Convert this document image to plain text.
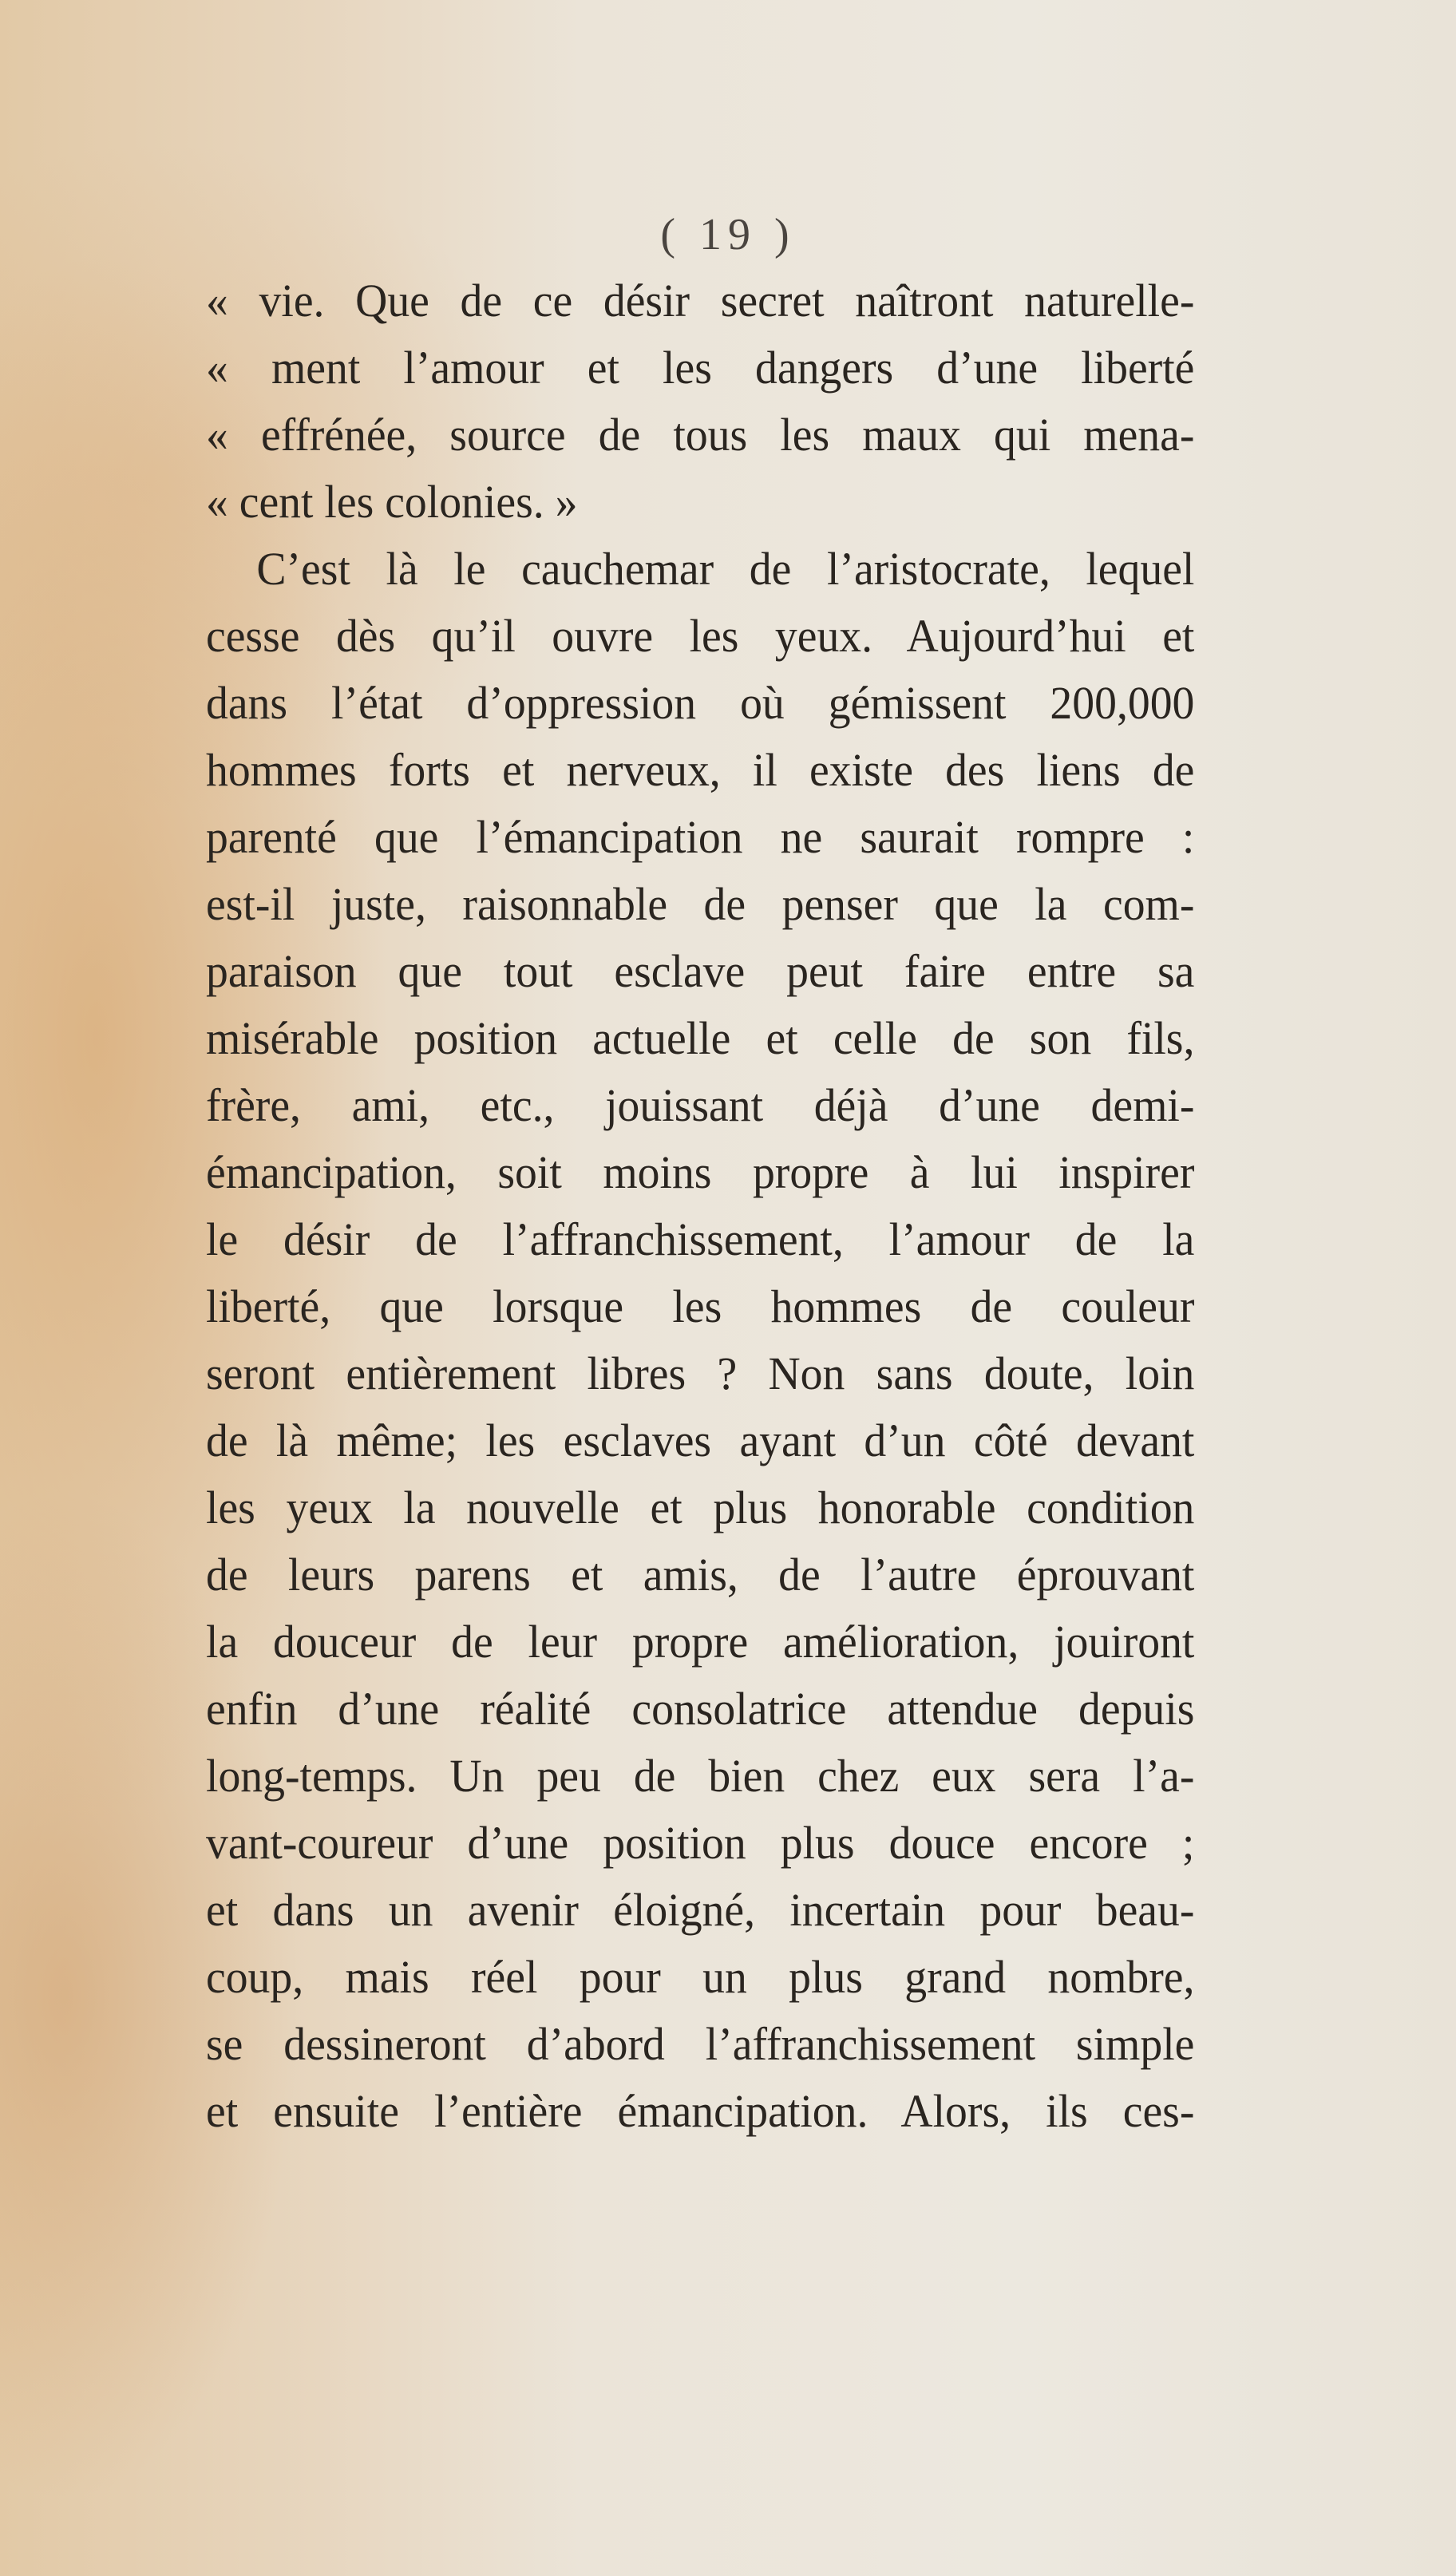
( 19 )
« vie. Que de ce désir secret naîtront naturelle-
« ment l’amour et les dangers d’une liberté
« effrénée, source de tous les maux qui mena-
« cent les colonies. »
C’est là le cauchemar de l’aristocrate, lequel
cesse dès qu’il ouvre les yeux. Aujourd’hui et
dans l’état d’oppression où gémissent 200,000
hommes forts et nerveux, il existe des liens de
parenté que l’émancipation ne saurait rompre :
est-il juste, raisonnable de penser que la com-
paraison que tout esclave peut faire entre sa
misérable position actuelle et celle de son fils,
frère, ami, etc., jouissant déjà d’une demi-
émancipation, soit moins propre à lui inspirer
le désir de l’affranchissement, l’amour de la
liberté, que lorsque les hommes de couleur
seront entièrement libres ? Non sans doute, loin
de là même; les esclaves ayant d’un côté devant
les yeux la nouvelle et plus honorable condition
de leurs parens et amis, de l’autre éprouvant
la douceur de leur propre amélioration, jouiront
enfin d’une réalité consolatrice attendue depuis
long-temps. Un peu de bien chez eux sera l’a-
vant-coureur d’une position plus douce encore ;
et dans un avenir éloigné, incertain pour beau-
coup, mais réel pour un plus grand nombre,
se dessineront d’abord l’affranchissement simple
et ensuite l’entière émancipation. Alors, ils ces-
